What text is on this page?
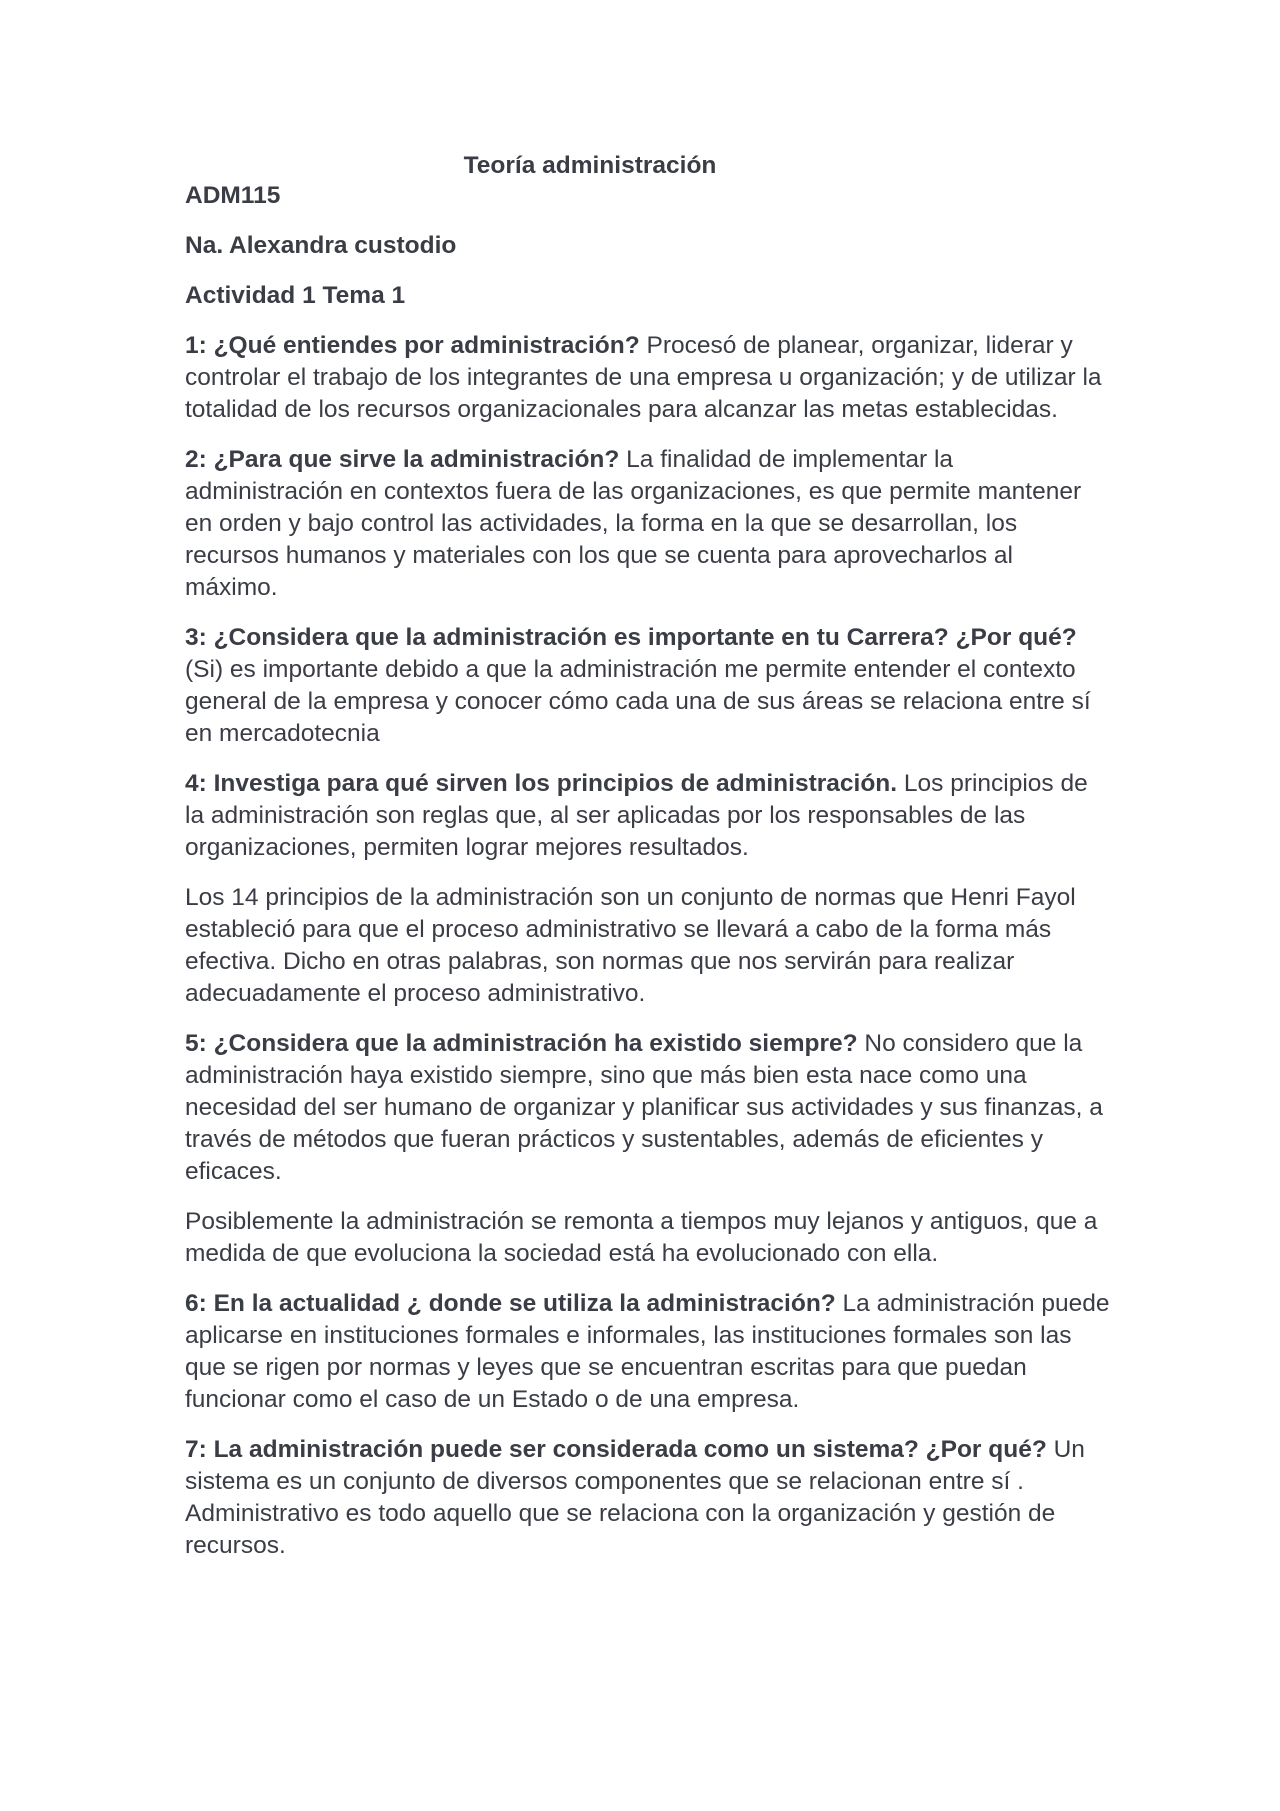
Teoría administración

ADM115

Na. Alexandra custodio

Actividad 1 Tema 1

1: ¿Qué entiendes por administración? Procesó de planear, organizar, liderar y controlar el trabajo de los integrantes de una empresa u organización; y de utilizar la totalidad de los recursos organizacionales para alcanzar las metas establecidas.

2: ¿Para que sirve la administración? La finalidad de implementar la administración en contextos fuera de las organizaciones, es que permite mantener en orden y bajo control las actividades, la forma en la que se desarrollan, los recursos humanos y materiales con los que se cuenta para aprovecharlos al máximo.

3: ¿Considera que la administración es importante en tu Carrera? ¿Por qué? (Si) es importante debido a que la administración me permite entender el contexto general de la empresa y conocer cómo cada una de sus áreas se relaciona entre sí en mercadotecnia

4: Investiga para qué sirven los principios de administración. Los principios de la administración son reglas que, al ser aplicadas por los responsables de las organizaciones, permiten lograr mejores resultados.

Los 14 principios de la administración son un conjunto de normas que Henri Fayol estableció para que el proceso administrativo se llevará a cabo de la forma más efectiva. Dicho en otras palabras, son normas que nos servirán para realizar adecuadamente el proceso administrativo.

5: ¿Considera que la administración ha existido siempre? No considero que la administración haya existido siempre, sino que más bien esta nace como una necesidad del ser humano de organizar y planificar sus actividades y sus finanzas, a través de métodos que fueran prácticos y sustentables, además de eficientes y eficaces.

Posiblemente la administración se remonta a tiempos muy lejanos y antiguos, que a medida de que evoluciona la sociedad está ha evolucionado con ella.

6: En la actualidad ¿ donde se utiliza la administración? La administración puede aplicarse en instituciones formales e informales, las instituciones formales son las que se rigen por normas y leyes que se encuentran escritas para que puedan funcionar como el caso de un Estado o de una empresa.

7: La administración puede ser considerada como un sistema? ¿Por qué? Un sistema es un conjunto de diversos componentes que se relacionan entre sí . Administrativo es todo aquello que se relaciona con la organización y gestión de recursos.
